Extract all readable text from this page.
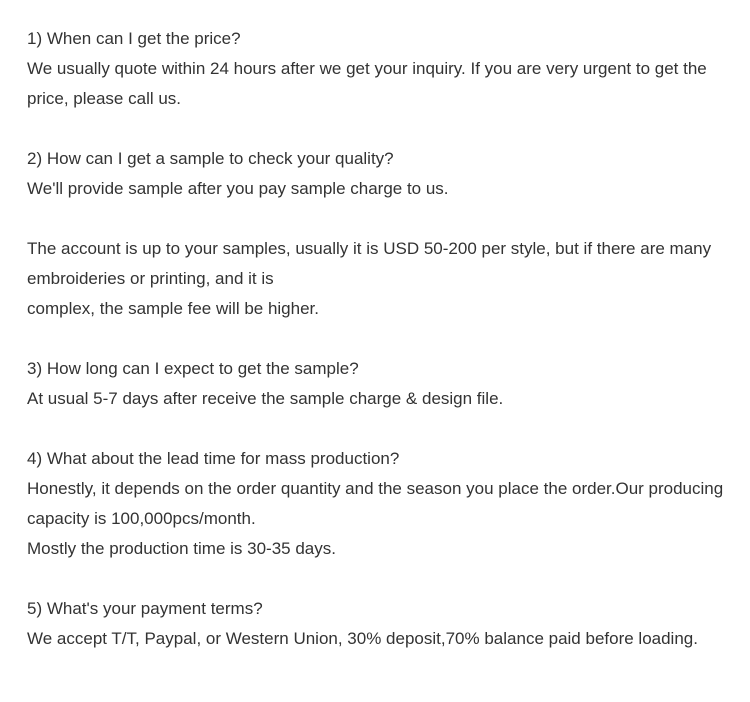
1) When can I get the price?
We usually quote within 24 hours after we get your inquiry. If you are very urgent to get the price, please call us.
2) How can I get a sample to check your quality?
We'll provide sample after you pay sample charge to us.
The account is up to your samples, usually it is USD 50-200 per style, but if there are many embroideries or printing, and it is
complex, the sample fee will be higher.
3) How long can I expect to get the sample?
At usual 5-7 days after receive the sample charge & design file.
4) What about the lead time for mass production?
Honestly, it depends on the order quantity and the season you place the order.Our producing capacity is 100,000pcs/month.
Mostly the production time is 30-35 days.
5) What's your payment terms?
We accept T/T, Paypal, or Western Union, 30% deposit,70% balance paid before loading.
